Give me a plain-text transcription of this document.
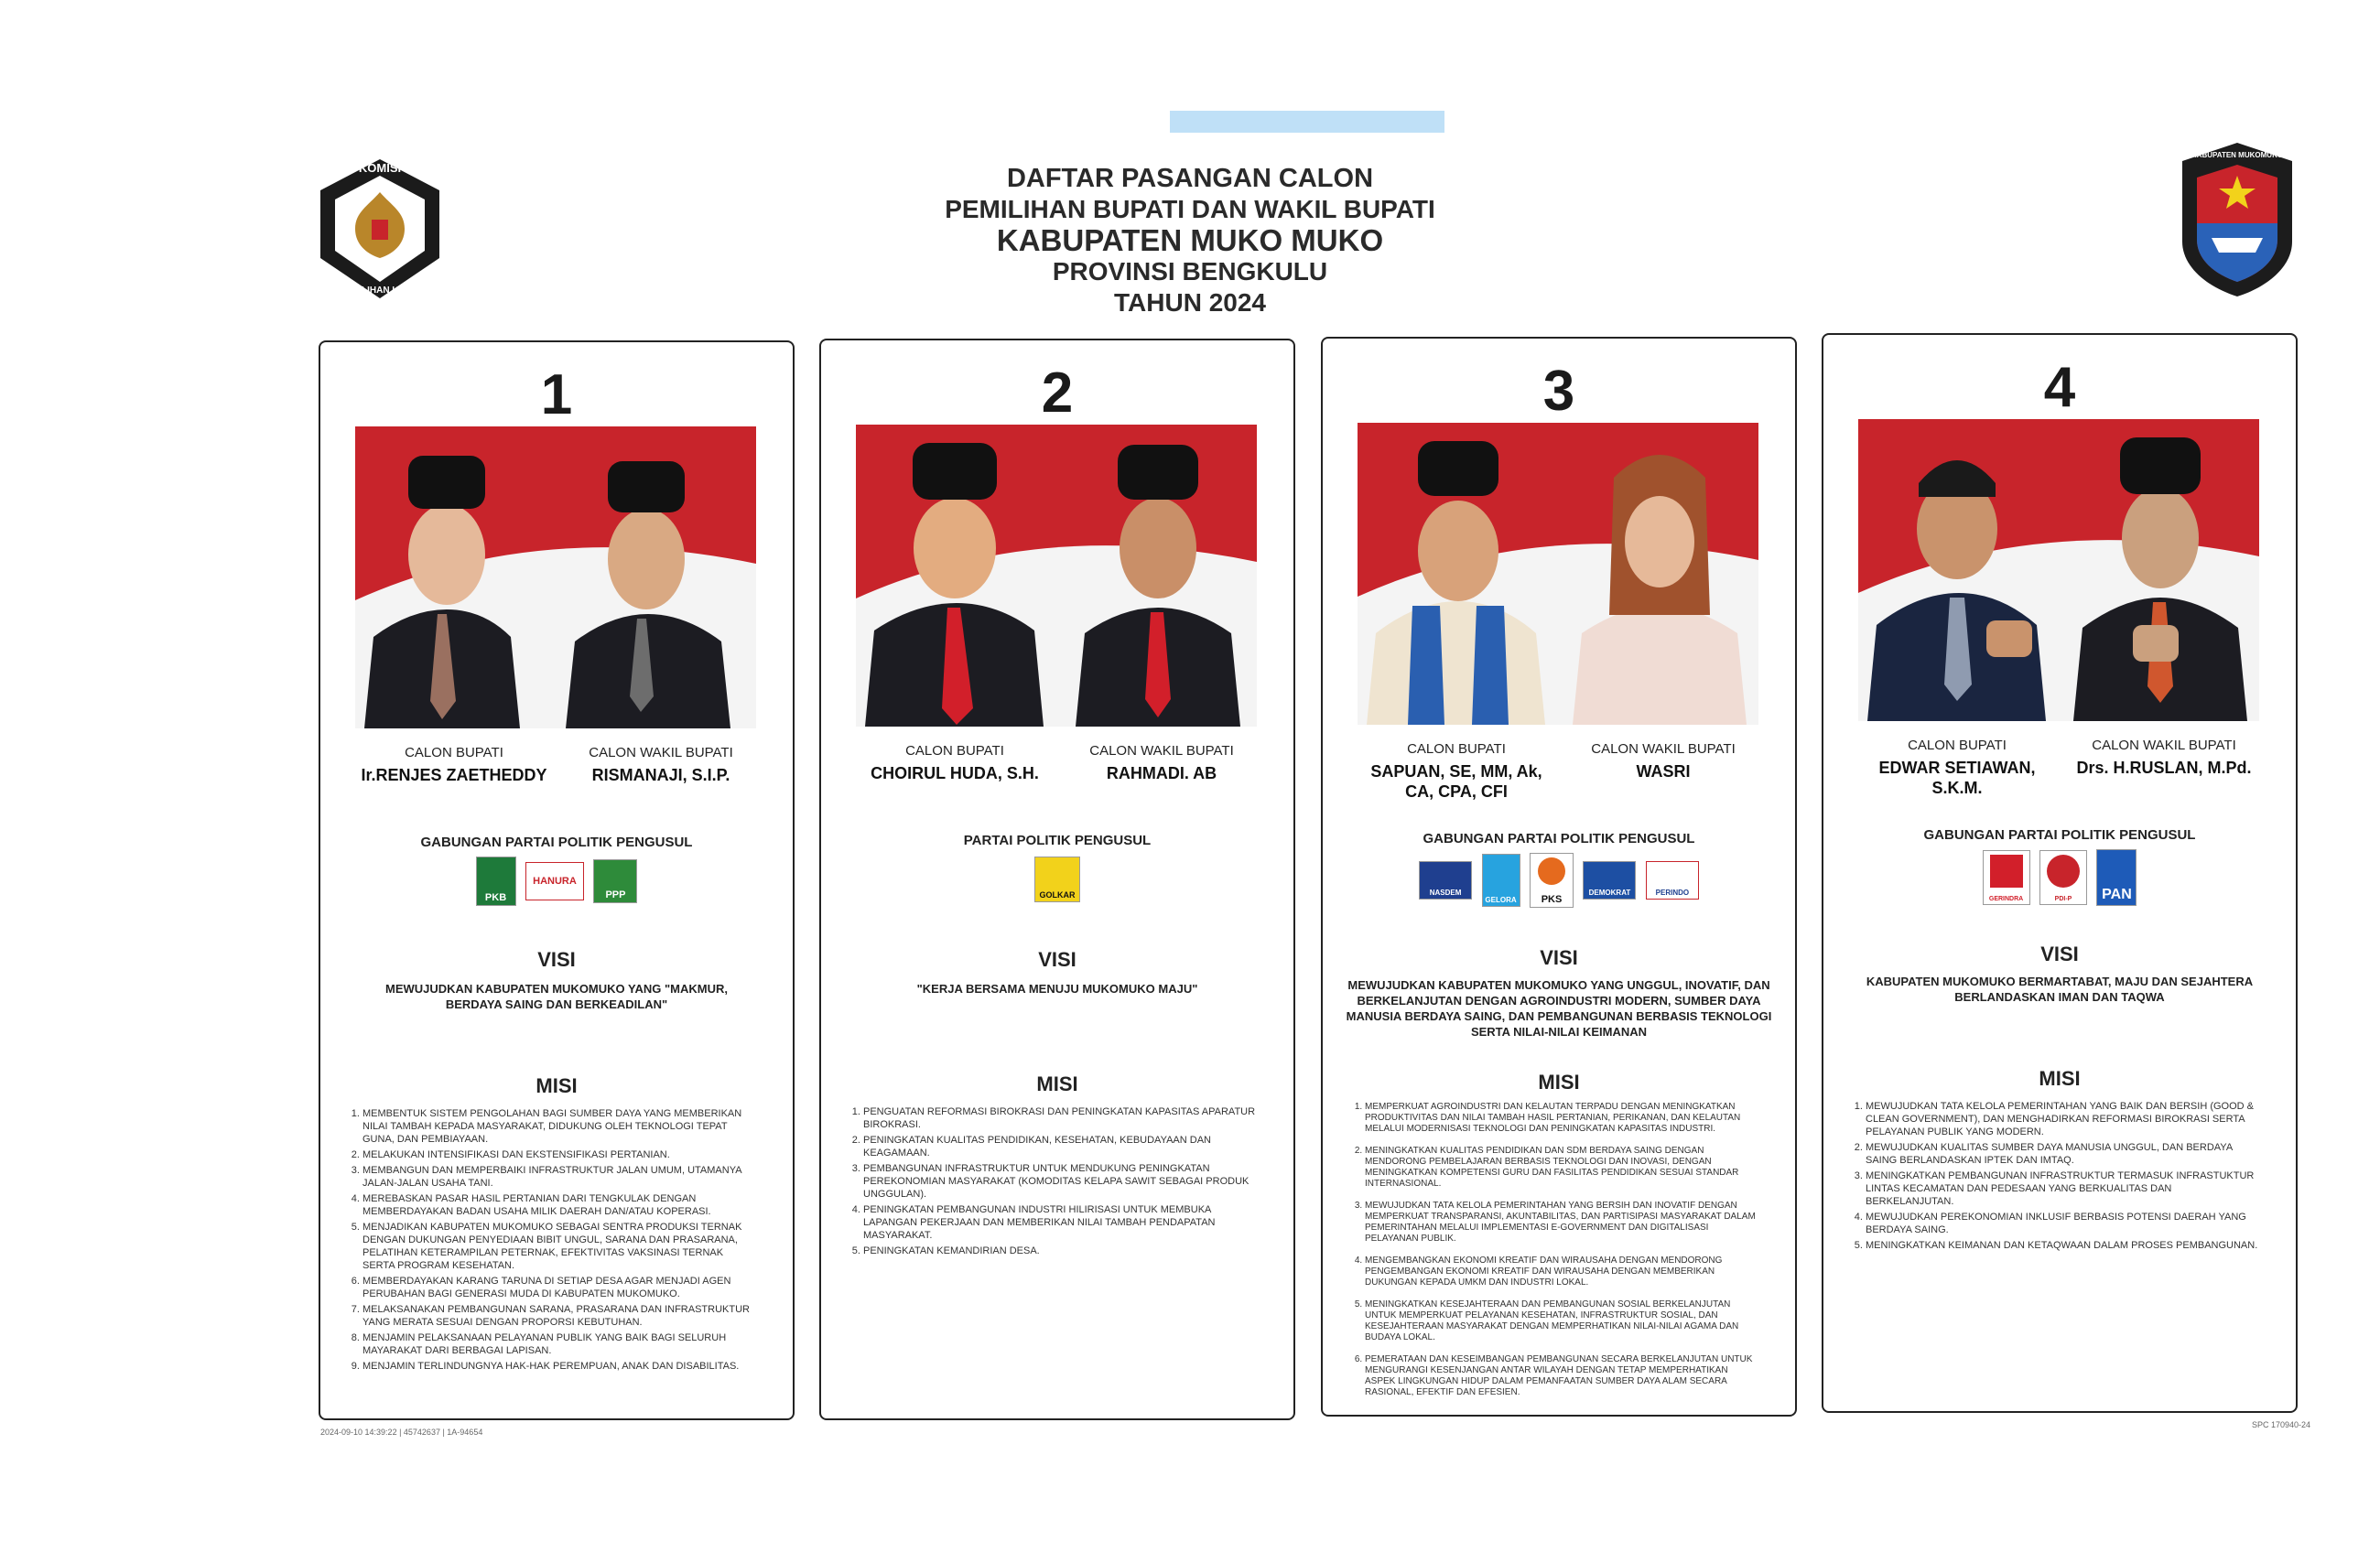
KOMISI
PEMILIHAN UMUM
KABUPATEN MUKOMUKO
DAFTAR PASANGAN CALON
PEMILIHAN BUPATI DAN WAKIL BUPATI
KABUPATEN MUKO MUKO
PROVINSI BENGKULU
TAHUN 2024
1
CALON BUPATI
Ir.RENJES ZAETHEDDY
CALON WAKIL BUPATI
RISMANAJI, S.I.P.
GABUNGAN PARTAI POLITIK PENGUSUL
PKB

HANURA

PPP
VISI
MEWUJUDKAN KABUPATEN MUKOMUKO YANG "MAKMUR, BERDAYA SAING DAN BERKEADILAN"
MISI
1. MEMBENTUK SISTEM PENGOLAHAN BAGI SUMBER DAYA YANG MEMBERIKAN NILAI TAMBAH KEPADA MASYARAKAT, DIDUKUNG OLEH TEKNOLOGI TEPAT GUNA, DAN PEMBIAYAAN.
2. MELAKUKAN INTENSIFIKASI DAN EKSTENSIFIKASI PERTANIAN.
3. MEMBANGUN DAN MEMPERBAIKI INFRASTRUKTUR JALAN UMUM, UTAMANYA JALAN-JALAN USAHA TANI.
4. MEREBASKAN PASAR HASIL PERTANIAN DARI TENGKULAK DENGAN MEMBERDAYAKAN BADAN USAHA MILIK DAERAH DAN/ATAU KOPERASI.
5. MENJADIKAN KABUPATEN MUKOMUKO SEBAGAI SENTRA PRODUKSI TERNAK DENGAN DUKUNGAN PENYEDIAAN BIBIT UNGUL, SARANA DAN PRASARANA, PELATIHAN KETERAMPILAN PETERNAK, EFEKTIVITAS VAKSINASI TERNAK SERTA PROGRAM KESEHATAN.
6. MEMBERDAYAKAN KARANG TARUNA DI SETIAP DESA AGAR MENJADI AGEN PERUBAHAN BAGI GENERASI MUDA DI KABUPATEN MUKOMUKO.
7. MELAKSANAKAN PEMBANGUNAN SARANA, PRASARANA DAN INFRASTRUKTUR YANG MERATA SESUAI DENGAN PROPORSI KEBUTUHAN.
8. MENJAMIN PELAKSANAAN PELAYANAN PUBLIK YANG BAIK BAGI SELURUH MAYARAKAT DARI BERBAGAI LAPISAN.
9. MENJAMIN TERLINDUNGNYA HAK-HAK PEREMPUAN, ANAK DAN DISABILITAS.
2
CALON BUPATI
CHOIRUL HUDA, S.H.
CALON WAKIL BUPATI
RAHMADI. AB
PARTAI POLITIK PENGUSUL
GOLKAR
VISI
"KERJA BERSAMA MENUJU MUKOMUKO MAJU"
MISI
1. PENGUATAN REFORMASI BIROKRASI DAN PENINGKATAN KAPASITAS APARATUR BIROKRASI.
2. PENINGKATAN KUALITAS PENDIDIKAN, KESEHATAN, KEBUDAYAAN DAN KEAGAMAAN.
3. PEMBANGUNAN INFRASTRUKTUR UNTUK MENDUKUNG PENINGKATAN PEREKONOMIAN MASYARAKAT (KOMODITAS KELAPA SAWIT SEBAGAI PRODUK UNGGULAN).
4. PENINGKATAN PEMBANGUNAN INDUSTRI HILIRISASI UNTUK MEMBUKA LAPANGAN PEKERJAAN DAN MEMBERIKAN NILAI TAMBAH PENDAPATAN MASYARAKAT.
5. PENINGKATAN KEMANDIRIAN DESA.
3
CALON BUPATI
SAPUAN, SE, MM, Ak, CA, CPA, CFI
CALON WAKIL BUPATI
WASRI
GABUNGAN PARTAI POLITIK PENGUSUL
NASDEM

GELORA
	PKS

DEMOKRAT
	PERINDO
VISI
MEWUJUDKAN KABUPATEN MUKOMUKO YANG UNGGUL, INOVATIF, DAN BERKELANJUTAN DENGAN AGROINDUSTRI MODERN, SUMBER DAYA MANUSIA BERDAYA SAING, DAN PEMBANGUNAN BERBASIS TEKNOLOGI SERTA NILAI-NILAI KEIMANAN
MISI
1. MEMPERKUAT AGROINDUSTRI DAN KELAUTAN TERPADU DENGAN MENINGKATKAN PRODUKTIVITAS DAN NILAI TAMBAH HASIL PERTANIAN, PERIKANAN, DAN KELAUTAN MELALUI MODERNISASI TEKNOLOGI DAN PENINGKATAN KAPASITAS INDUSTRI.
2. MENINGKATKAN KUALITAS PENDIDIKAN DAN SDM BERDAYA SAING DENGAN MENDORONG PEMBELAJARAN BERBASIS TEKNOLOGI DAN INOVASI, DENGAN MENINGKATKAN KOMPETENSI GURU DAN FASILITAS PENDIDIKAN SESUAI STANDAR INTERNASIONAL.
3. MEWUJUDKAN TATA KELOLA PEMERINTAHAN YANG BERSIH DAN INOVATIF DENGAN MEMPERKUAT TRANSPARANSI, AKUNTABILITAS, DAN PARTISIPASI MASYARAKAT DALAM PEMERINTAHAN MELALUI IMPLEMENTASI E-GOVERNMENT DAN DIGITALISASI PELAYANAN PUBLIK.
4. MENGEMBANGKAN EKONOMI KREATIF DAN WIRAUSAHA DENGAN MENDORONG PENGEMBANGAN EKONOMI KREATIF DAN WIRAUSAHA DENGAN MEMBERIKAN DUKUNGAN KEPADA UMKM DAN INDUSTRI LOKAL.
5. MENINGKATKAN KESEJAHTERAAN DAN PEMBANGUNAN SOSIAL BERKELANJUTAN UNTUK MEMPERKUAT PELAYANAN KESEHATAN, INFRASTRUKTUR SOSIAL, DAN KESEJAHTERAAN MASYARAKAT DENGAN MEMPERHATIKAN NILAI-NILAI AGAMA DAN BUDAYA LOKAL.
6. PEMERATAAN DAN KESEIMBANGAN PEMBANGUNAN SECARA BERKELANJUTAN UNTUK MENGURANGI KESENJANGAN ANTAR WILAYAH DENGAN TETAP MEMPERHATIKAN ASPEK LINGKUNGAN HIDUP DALAM PEMANFAATAN SUMBER DAYA ALAM SECARA RASIONAL, EFEKTIF DAN EFESIEN.
4
CALON BUPATI
EDWAR SETIAWAN, S.K.M.
CALON WAKIL BUPATI
Drs. H.RUSLAN, M.Pd.
GABUNGAN PARTAI POLITIK PENGUSUL
GERINDRA
	PDI-P
	PAN
VISI
KABUPATEN MUKOMUKO BERMARTABAT, MAJU DAN SEJAHTERA BERLANDASKAN IMAN DAN TAQWA
MISI
1. MEWUJUDKAN TATA KELOLA PEMERINTAHAN YANG BAIK DAN BERSIH (GOOD & CLEAN GOVERNMENT), DAN MENGHADIRKAN REFORMASI BIROKRASI SERTA PELAYANAN PUBLIK YANG MODERN.
2. MEWUJUDKAN KUALITAS SUMBER DAYA MANUSIA UNGGUL, DAN BERDAYA SAING BERLANDASKAN IPTEK DAN IMTAQ.
3. MENINGKATKAN PEMBANGUNAN INFRASTRUKTUR TERMASUK INFRASTUKTUR LINTAS KECAMATAN DAN PEDESAAN YANG BERKUALITAS DAN BERKELANJUTAN.
4. MEWUJUDKAN PEREKONOMIAN INKLUSIF BERBASIS POTENSI DAERAH YANG BERDAYA SAING.
5. MENINGKATKAN KEIMANAN DAN KETAQWAAN DALAM PROSES PEMBANGUNAN.
2024-09-10 14:39:22 | 45742637 | 1A-94654
SPC 170940-24
